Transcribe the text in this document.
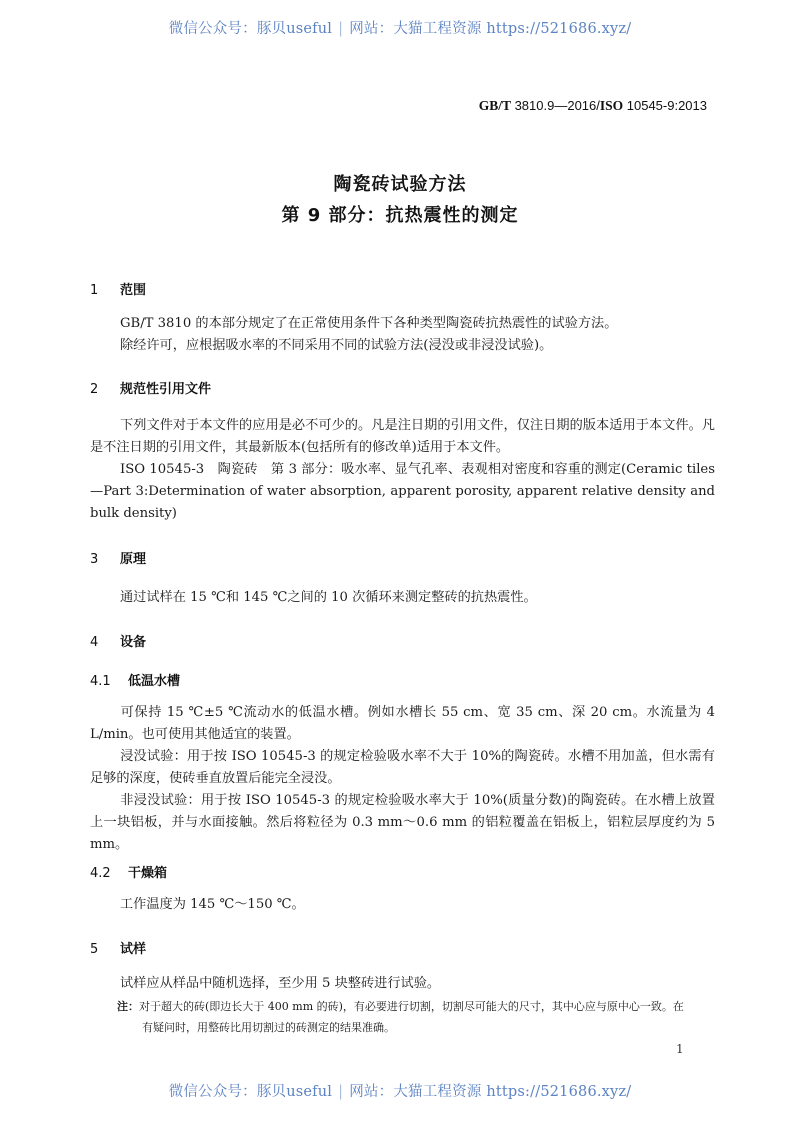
微信公众号：豚贝useful | 网站：大猫工程资源 https://521686.xyz/
GB/T 3810.9—2016/ISO 10545-9:2013
陶瓷砖试验方法
第 9 部分：抗热震性的测定
1 范围
GB/T 3810 的本部分规定了在正常使用条件下各种类型陶瓷砖抗热震性的试验方法。
除经许可，应根据吸水率的不同采用不同的试验方法(浸没或非浸没试验)。
2 规范性引用文件
下列文件对于本文件的应用是必不可少的。凡是注日期的引用文件，仅注日期的版本适用于本文件。凡是不注日期的引用文件，其最新版本(包括所有的修改单)适用于本文件。
ISO 10545-3　陶瓷砖　第 3 部分：吸水率、显气孔率、表观相对密度和容重的测定(Ceramic tiles—Part 3:Determination of water absorption, apparent porosity, apparent relative density and bulk density)
3 原理
通过试样在 15 ℃和 145 ℃之间的 10 次循环来测定整砖的抗热震性。
4 设备
4.1 低温水槽
可保持 15 ℃±5 ℃流动水的低温水槽。例如水槽长 55 cm、宽 35 cm、深 20 cm。水流量为 4 L/min。也可使用其他适宜的装置。
浸没试验：用于按 ISO 10545-3 的规定检验吸水率不大于 10%的陶瓷砖。水槽不用加盖，但水需有足够的深度，使砖垂直放置后能完全浸没。
非浸没试验：用于按 ISO 10545-3 的规定检验吸水率大于 10%(质量分数)的陶瓷砖。在水槽上放置上一块铝板，并与水面接触。然后将粒径为 0.3 mm～0.6 mm 的铝粒覆盖在铝板上，铝粒层厚度约为 5 mm。
4.2 干燥箱
工作温度为 145 ℃～150 ℃。
5 试样
试样应从样品中随机选择，至少用 5 块整砖进行试验。
注：对于超大的砖(即边长大于 400 mm 的砖)，有必要进行切割，切割尽可能大的尺寸，其中心应与原中心一致。在
有疑问时，用整砖比用切割过的砖测定的结果准确。
1
微信公众号：豚贝useful | 网站：大猫工程资源 https://521686.xyz/
